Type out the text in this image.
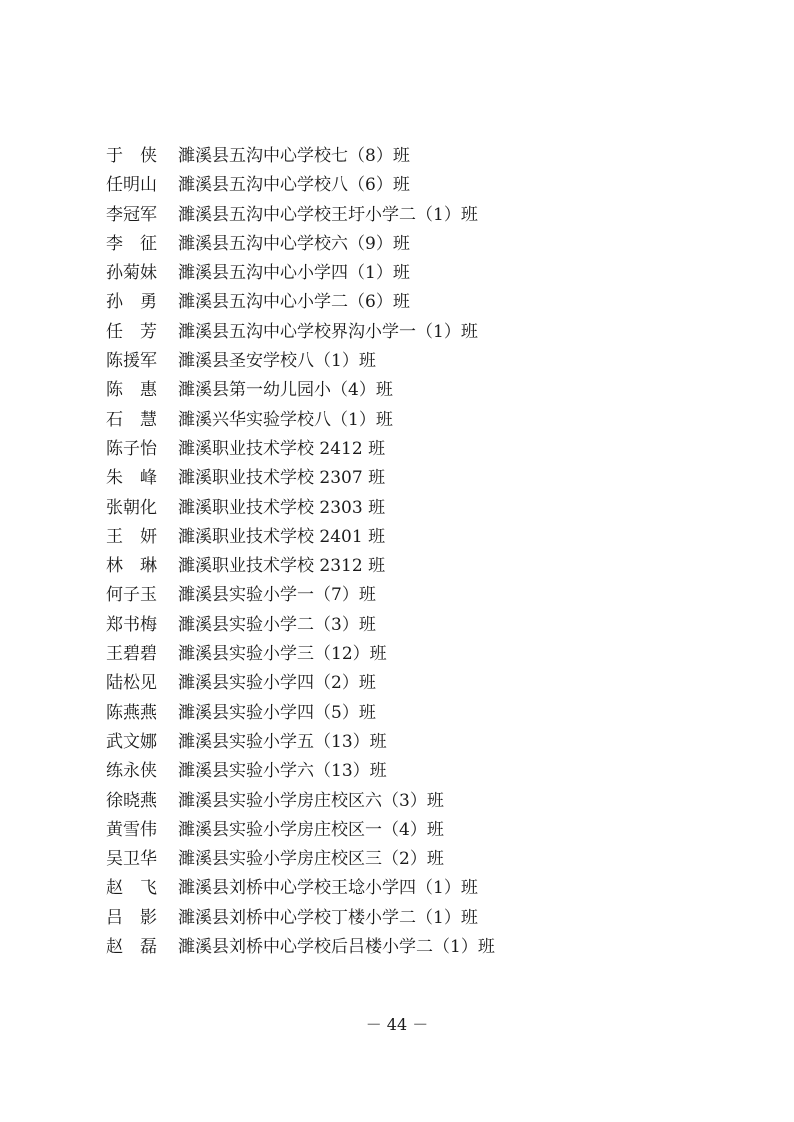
于　侠	濉溪县五沟中心学校七（8）班
任明山	濉溪县五沟中心学校八（6）班
李冠军	濉溪县五沟中心学校王圩小学二（1）班
李　征	濉溪县五沟中心学校六（9）班
孙菊妹	濉溪县五沟中心小学四（1）班
孙　勇	濉溪县五沟中心小学二（6）班
任　芳	濉溪县五沟中心学校界沟小学一（1）班
陈援军	濉溪县圣安学校八（1）班
陈　惠	濉溪县第一幼儿园小（4）班
石　慧	濉溪兴华实验学校八（1）班
陈子怡	濉溪职业技术学校 2412 班
朱　峰	濉溪职业技术学校 2307 班
张朝化	濉溪职业技术学校 2303 班
王　妍	濉溪职业技术学校 2401 班
林　琳	濉溪职业技术学校 2312 班
何子玉	濉溪县实验小学一（7）班
郑书梅	濉溪县实验小学二（3）班
王碧碧	濉溪县实验小学三（12）班
陆松见	濉溪县实验小学四（2）班
陈燕燕	濉溪县实验小学四（5）班
武文娜	濉溪县实验小学五（13）班
练永侠	濉溪县实验小学六（13）班
徐晓燕	濉溪县实验小学房庄校区六（3）班
黄雪伟	濉溪县实验小学房庄校区一（4）班
吴卫华	濉溪县实验小学房庄校区三（2）班
赵　飞	濉溪县刘桥中心学校王埝小学四（1）班
吕　影	濉溪县刘桥中心学校丁楼小学二（1）班
赵　磊	濉溪县刘桥中心学校后吕楼小学二（1）班
－ 44 －
